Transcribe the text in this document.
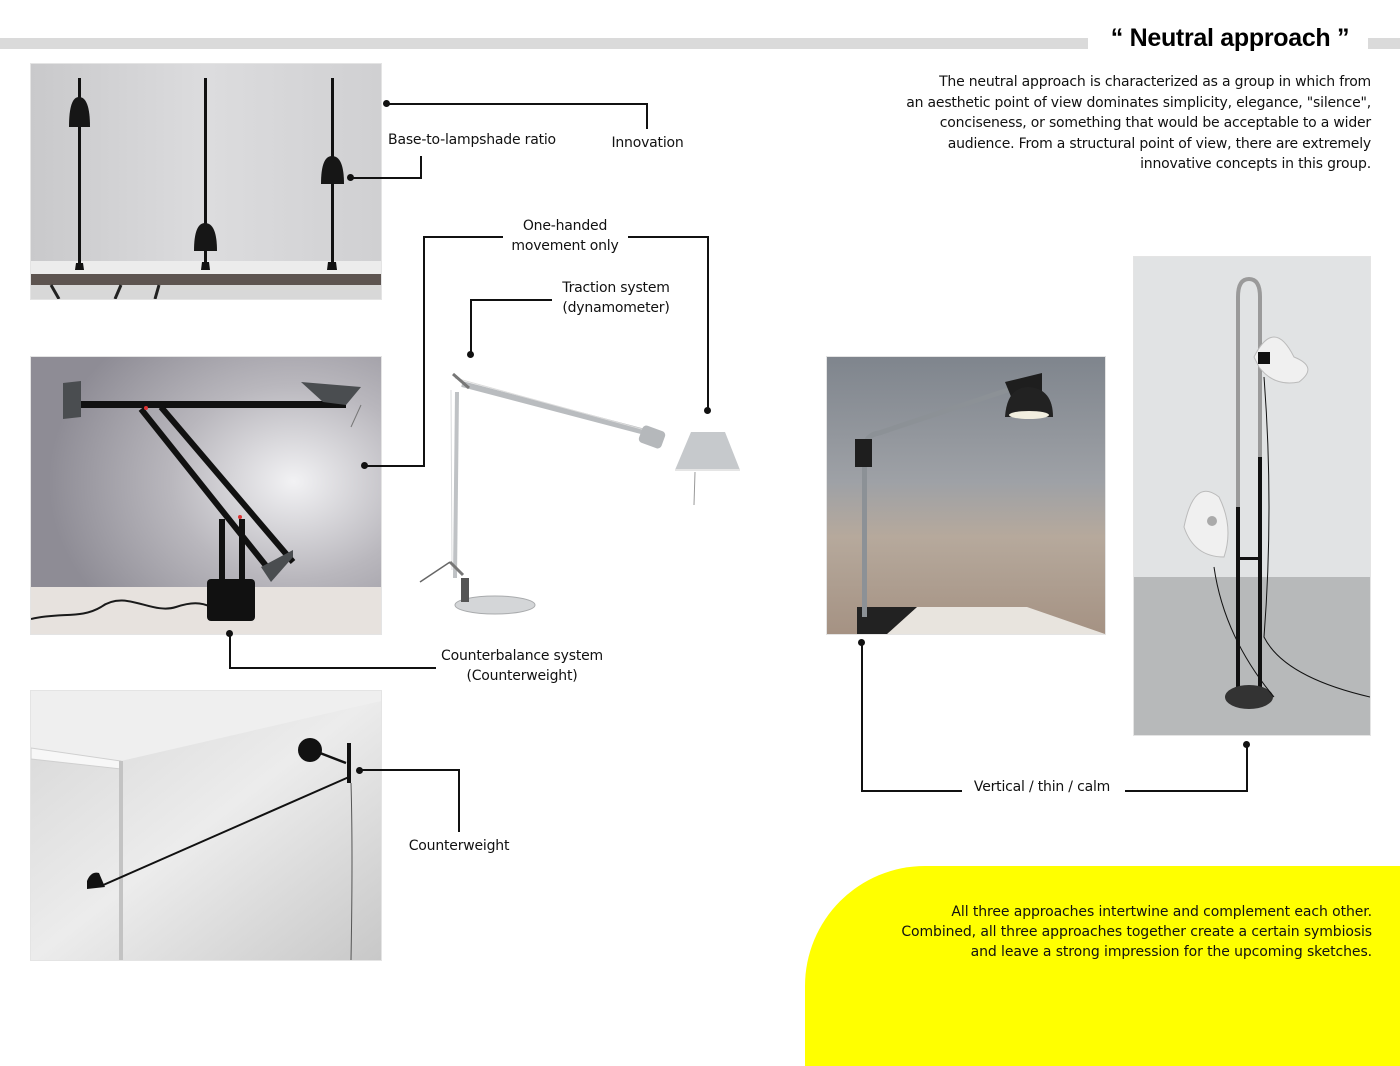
“ Neutral approach ”
The neutral approach is characterized as a group in which from
an aesthetic point of view dominates simplicity, elegance, "silence",
conciseness, or something that would be acceptable to a wider
audience. From a structural point of view, there are extremely
innovative concepts in this group.
Innovation
Base-to-lampshade ratio
One-handed
movement only
Traction system
(dynamometer)
Counterbalance system
(Counterweight)
Counterweight
Vertical / thin / calm
All three approaches intertwine and complement each other.
Combined, all three approaches together create a certain symbiosis
and leave a strong impression for the upcoming sketches.
